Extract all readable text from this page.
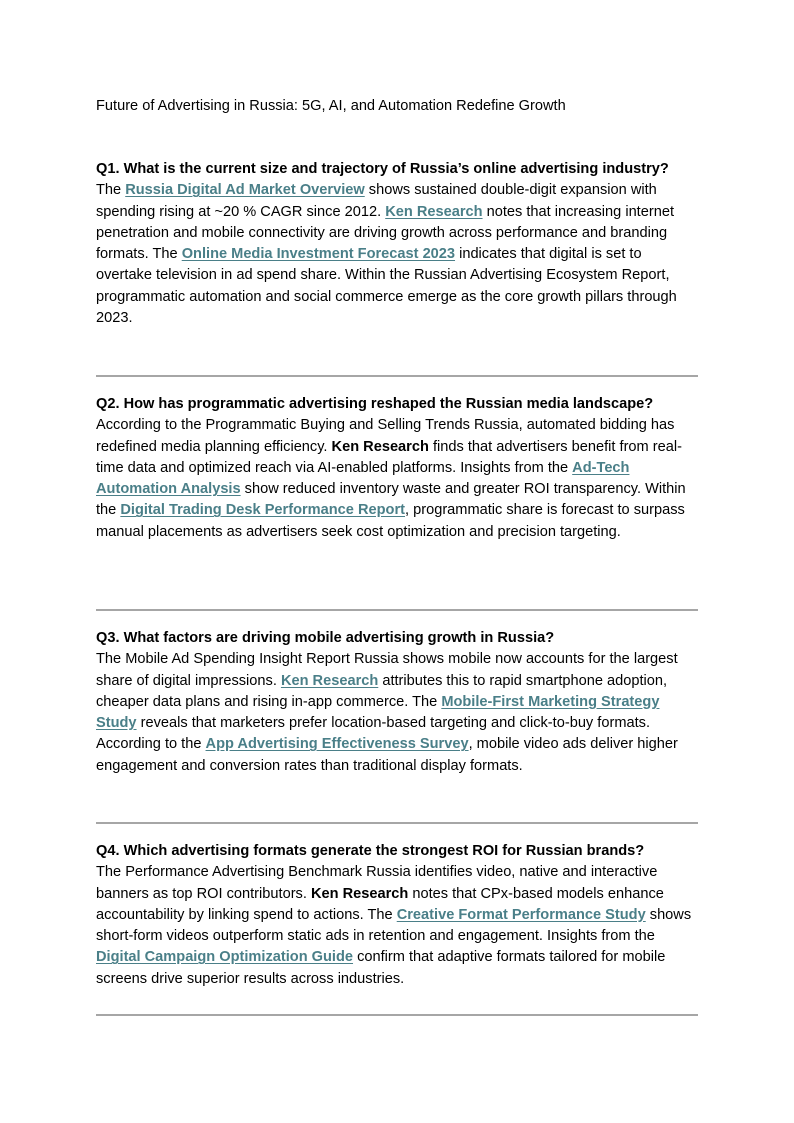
Future of Advertising in Russia: 5G, AI, and Automation Redefine Growth

Q1. What is the current size and trajectory of Russia’s online advertising industry?

The Russia Digital Ad Market Overview shows sustained double-digit expansion with spending rising at ~20 % CAGR since 2012. Ken Research notes that increasing internet penetration and mobile connectivity are driving growth across performance and branding formats. The Online Media Investment Forecast 2023 indicates that digital is set to overtake television in ad spend share. Within the Russian Advertising Ecosystem Report, programmatic automation and social commerce emerge as the core growth pillars through 2023.

Q2. How has programmatic advertising reshaped the Russian media landscape?

According to the Programmatic Buying and Selling Trends Russia, automated bidding has redefined media planning efficiency. Ken Research finds that advertisers benefit from real-time data and optimized reach via AI-enabled platforms. Insights from the Ad-Tech Automation Analysis show reduced inventory waste and greater ROI transparency. Within the Digital Trading Desk Performance Report, programmatic share is forecast to surpass manual placements as advertisers seek cost optimization and precision targeting.

Q3. What factors are driving mobile advertising growth in Russia?

The Mobile Ad Spending Insight Report Russia shows mobile now accounts for the largest share of digital impressions. Ken Research attributes this to rapid smartphone adoption, cheaper data plans and rising in-app commerce. The Mobile-First Marketing Strategy Study reveals that marketers prefer location-based targeting and click-to-buy formats. According to the App Advertising Effectiveness Survey, mobile video ads deliver higher engagement and conversion rates than traditional display formats.

Q4. Which advertising formats generate the strongest ROI for Russian brands?

The Performance Advertising Benchmark Russia identifies video, native and interactive banners as top ROI contributors. Ken Research notes that CPx-based models enhance accountability by linking spend to actions. The Creative Format Performance Study shows short-form videos outperform static ads in retention and engagement. Insights from the Digital Campaign Optimization Guide confirm that adaptive formats tailored for mobile screens drive superior results across industries.
